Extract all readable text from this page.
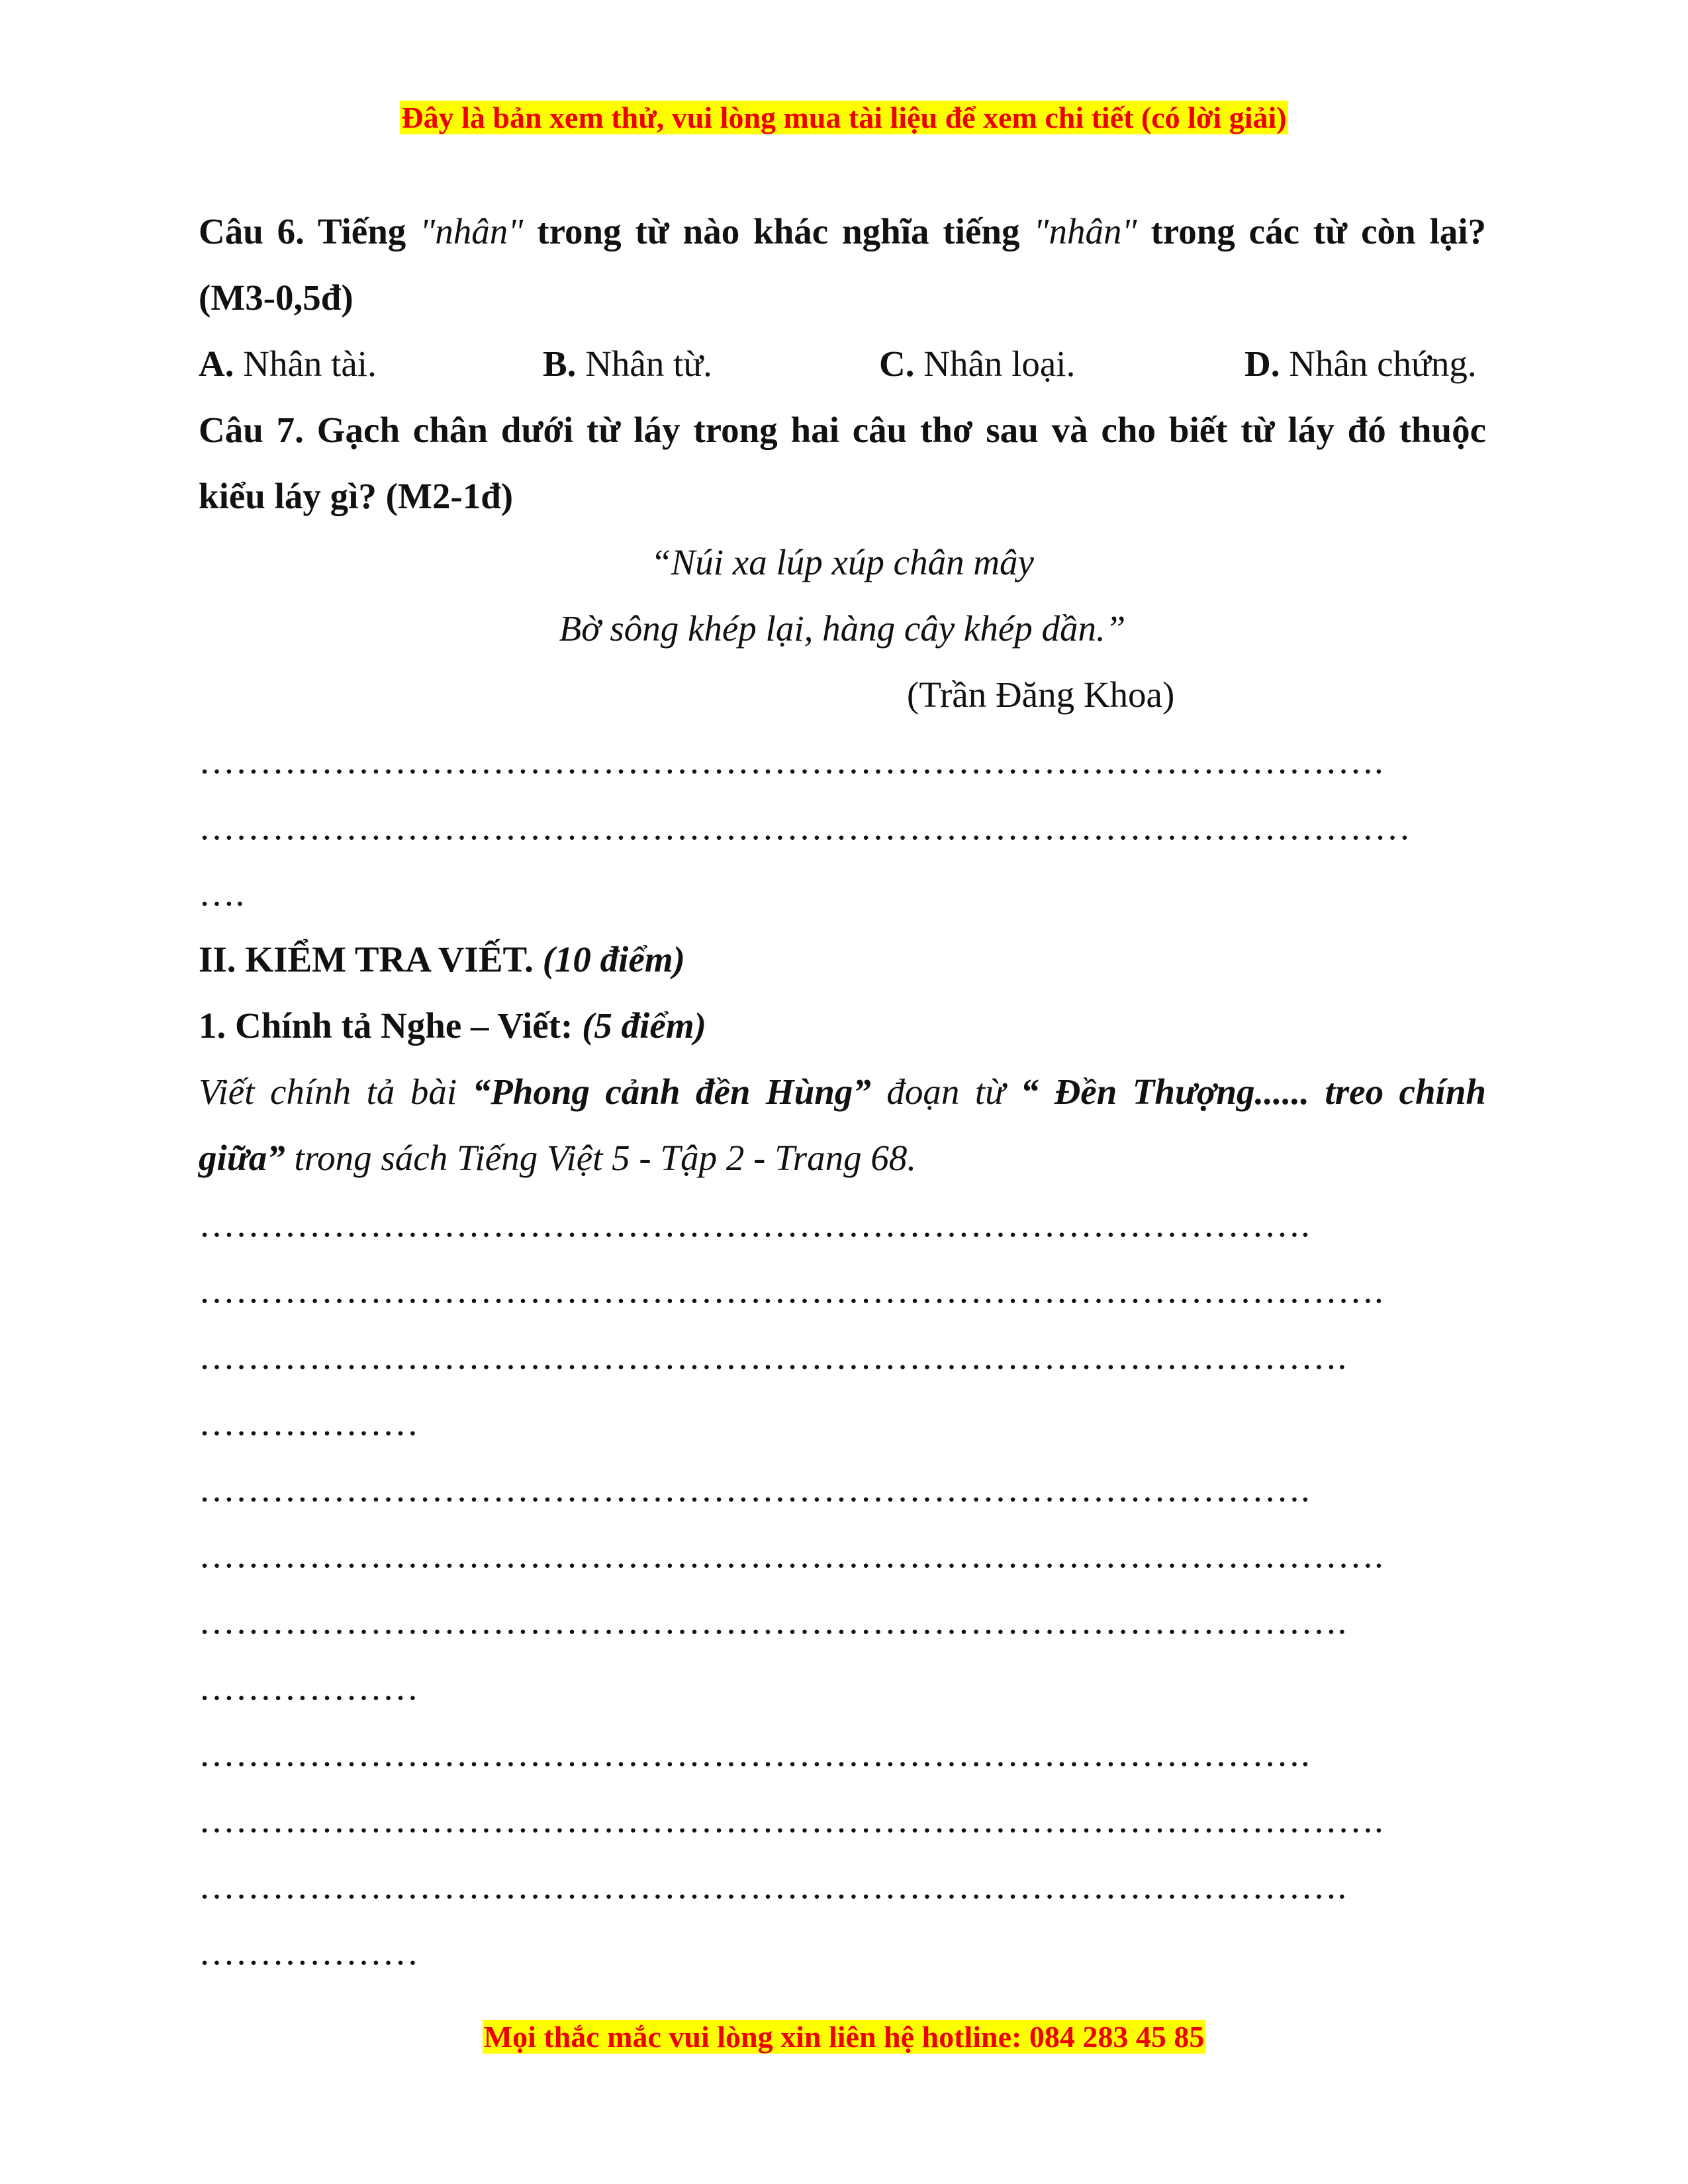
Đây là bản xem thử, vui lòng mua tài liệu để xem chi tiết (có lời giải)

Câu 6. Tiếng "nhân" trong từ nào khác nghĩa tiếng "nhân" trong các từ còn lại? (M3-0,5đ)

A. Nhân tài.	B. Nhân từ.	C. Nhân loại.	D. Nhân chứng.

Câu 7. Gạch chân dưới từ láy trong hai câu thơ sau và cho biết từ láy đó thuộc kiểu láy gì? (M2-1đ)

“Núi xa lúp xúp chân mây

Bờ sông khép lại, hàng cây khép dần.”

(Trần Đăng Khoa)

…………………………………………………………………………………….
………………………………………………………………………………………
….

II. KIỂM TRA VIẾT. (10 điểm)

1. Chính tả Nghe – Viết: (5 điểm)

Viết chính tả bài “Phong cảnh đền Hùng” đoạn từ “ Đền Thượng...... treo chính giữa” trong sách Tiếng Việt 5 - Tập 2 - Trang 68.

……………………………………………………………………………….
…………………………………………………………………………………….
………………………………………………………………………………….
………………
……………………………………………………………………………….
…………………………………………………………………………………….
………………………………………………………………………………….
………………
……………………………………………………………………………….
…………………………………………………………………………………….
………………………………………………………………………………….
………………
Mọi thắc mắc vui lòng xin liên hệ hotline: 084 283 45 85
